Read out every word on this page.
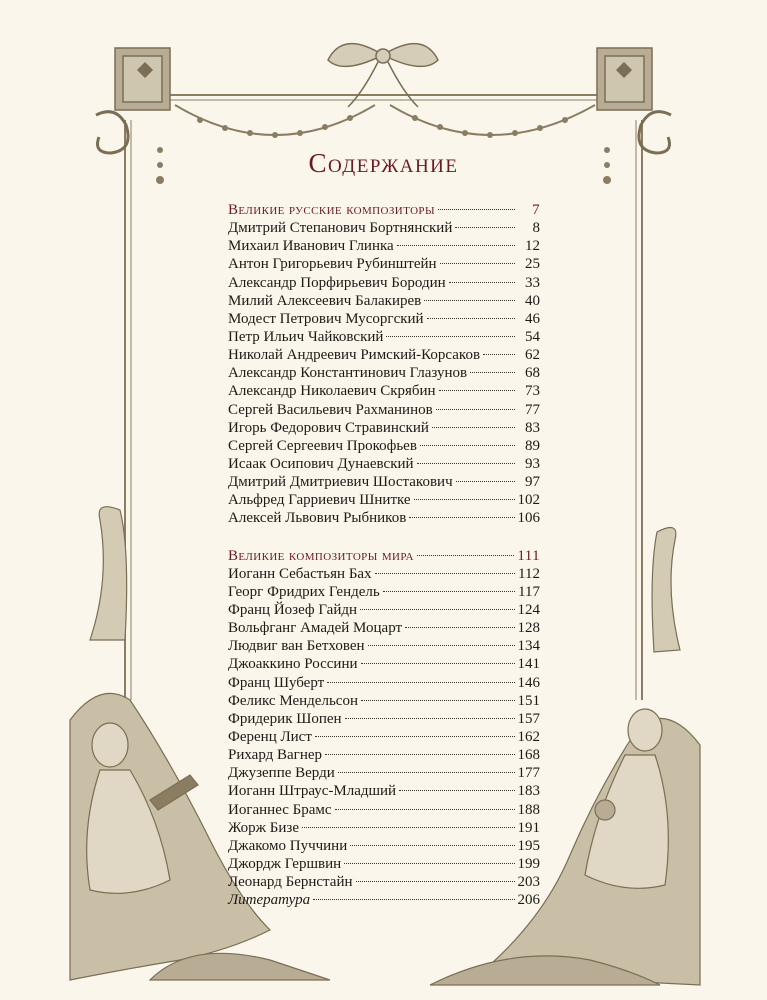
Содержание
Великие русские композиторы	7
Дмитрий Степанович Бортнянский	8
Михаил Иванович Глинка	12
Антон Григорьевич Рубинштейн	25
Александр Порфирьевич Бородин	33
Милий Алексеевич Балакирев	40
Модест Петрович Мусоргский	46
Петр Ильич Чайковский	54
Николай Андреевич Римский-Корсаков	62
Александр Константинович Глазунов	68
Александр Николаевич Скрябин	73
Сергей Васильевич Рахманинов	77
Игорь Федорович Стравинский	83
Сергей Сергеевич Прокофьев	89
Исаак Осипович Дунаевский	93
Дмитрий Дмитриевич Шостакович	97
Альфред Гарриевич Шнитке	102
Алексей Львович Рыбников	106
Великие композиторы мира	111
Иоганн Себастьян Бах	112
Георг Фридрих Гендель	117
Франц Йозеф Гайдн	124
Вольфганг Амадей Моцарт	128
Людвиг ван Бетховен	134
Джоаккино Россини	141
Франц Шуберт	146
Феликс Мендельсон	151
Фридерик Шопен	157
Ференц Лист	162
Рихард Вагнер	168
Джузеппе Верди	177
Иоганн Штраус-Младший	183
Иоганнес Брамс	188
Жорж Бизе	191
Джакомо Пуччини	195
Джордж Гершвин	199
Леонард Бернстайн	203
Литература	206
